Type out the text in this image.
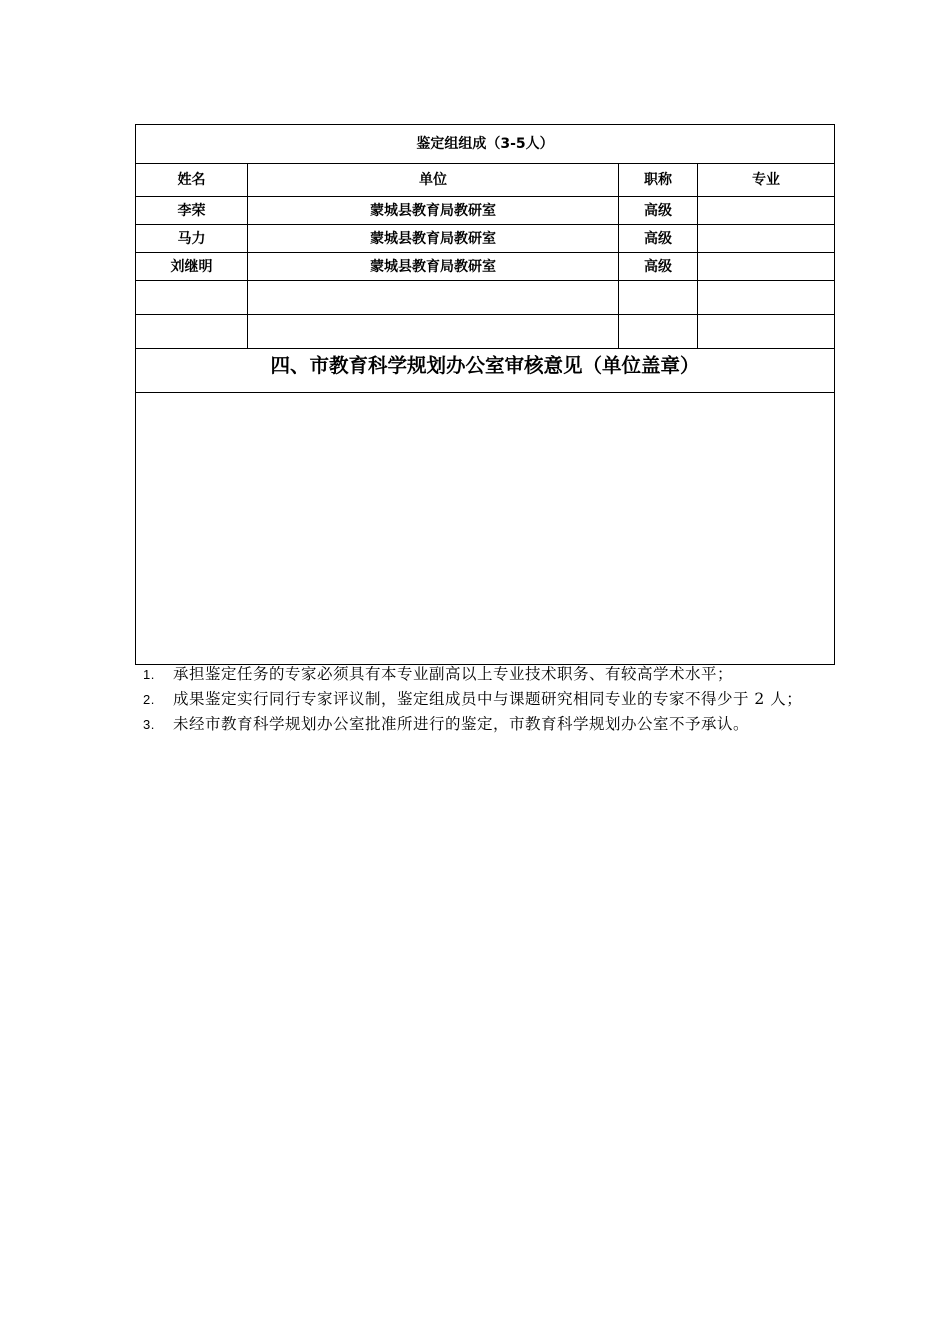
鉴定组组成（3-5人）			
姓名	单位	职称	专业
李荣	蒙城县教育局教研室	高级	
马力	蒙城县教育局教研室	高级	
刘继明	蒙城县教育局教研室	高级	

四、市教育科学规划办公室审核意见（单位盖章）			

1. 承担鉴定任务的专家必须具有本专业副高以上专业技术职务、有较高学术水平；
2. 成果鉴定实行同行专家评议制，鉴定组成员中与课题研究相同专业的专家不得少于 2 人；
3. 未经市教育科学规划办公室批准所进行的鉴定，市教育科学规划办公室不予承认。
